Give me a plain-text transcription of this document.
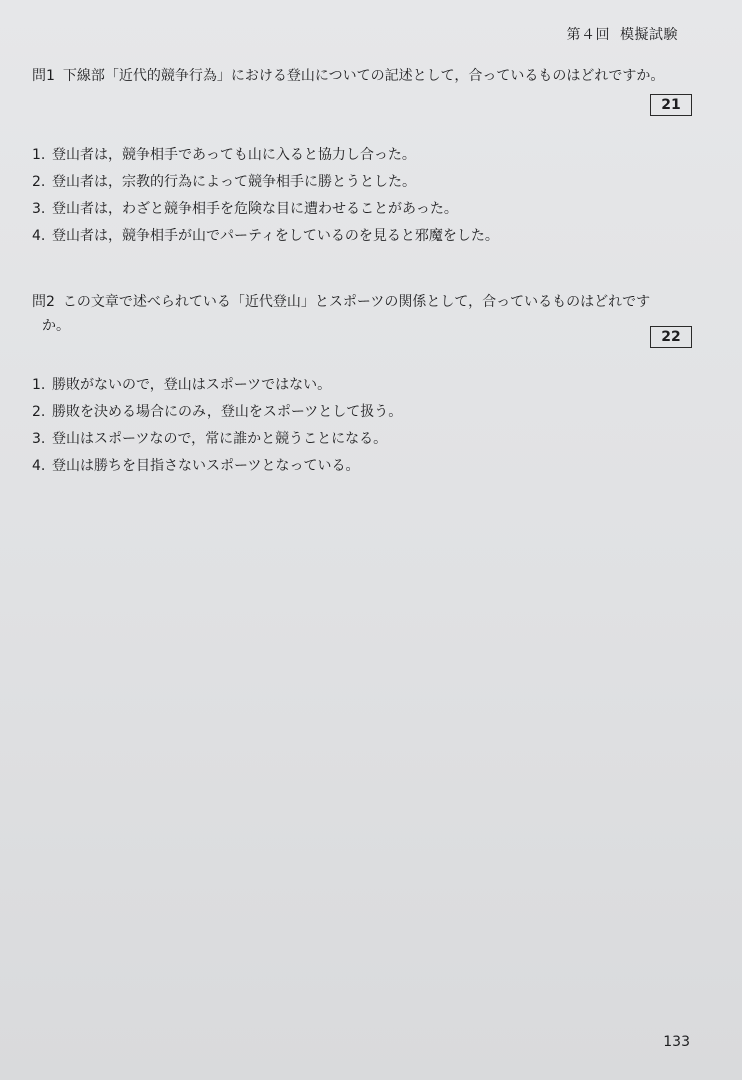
第４回 模擬試験

問1 下線部「近代的競争行為」における登山についての記述として，合っているものはどれですか。

21
1. 登山者は，競争相手であっても山に入ると協力し合った。
2. 登山者は，宗教的行為によって競争相手に勝とうとした。
3. 登山者は，わざと競争相手を危険な目に遭わせることがあった。
4. 登山者は，競争相手が山でパーティをしているのを見ると邪魔をした。

問2 この文章で述べられている「近代登山」とスポーツの関係として，合っているものはどれです
か。

22
1. 勝敗がないので，登山はスポーツではない。
2. 勝敗を決める場合にのみ，登山をスポーツとして扱う。
3. 登山はスポーツなので，常に誰かと競うことになる。
4. 登山は勝ちを目指さないスポーツとなっている。
133
